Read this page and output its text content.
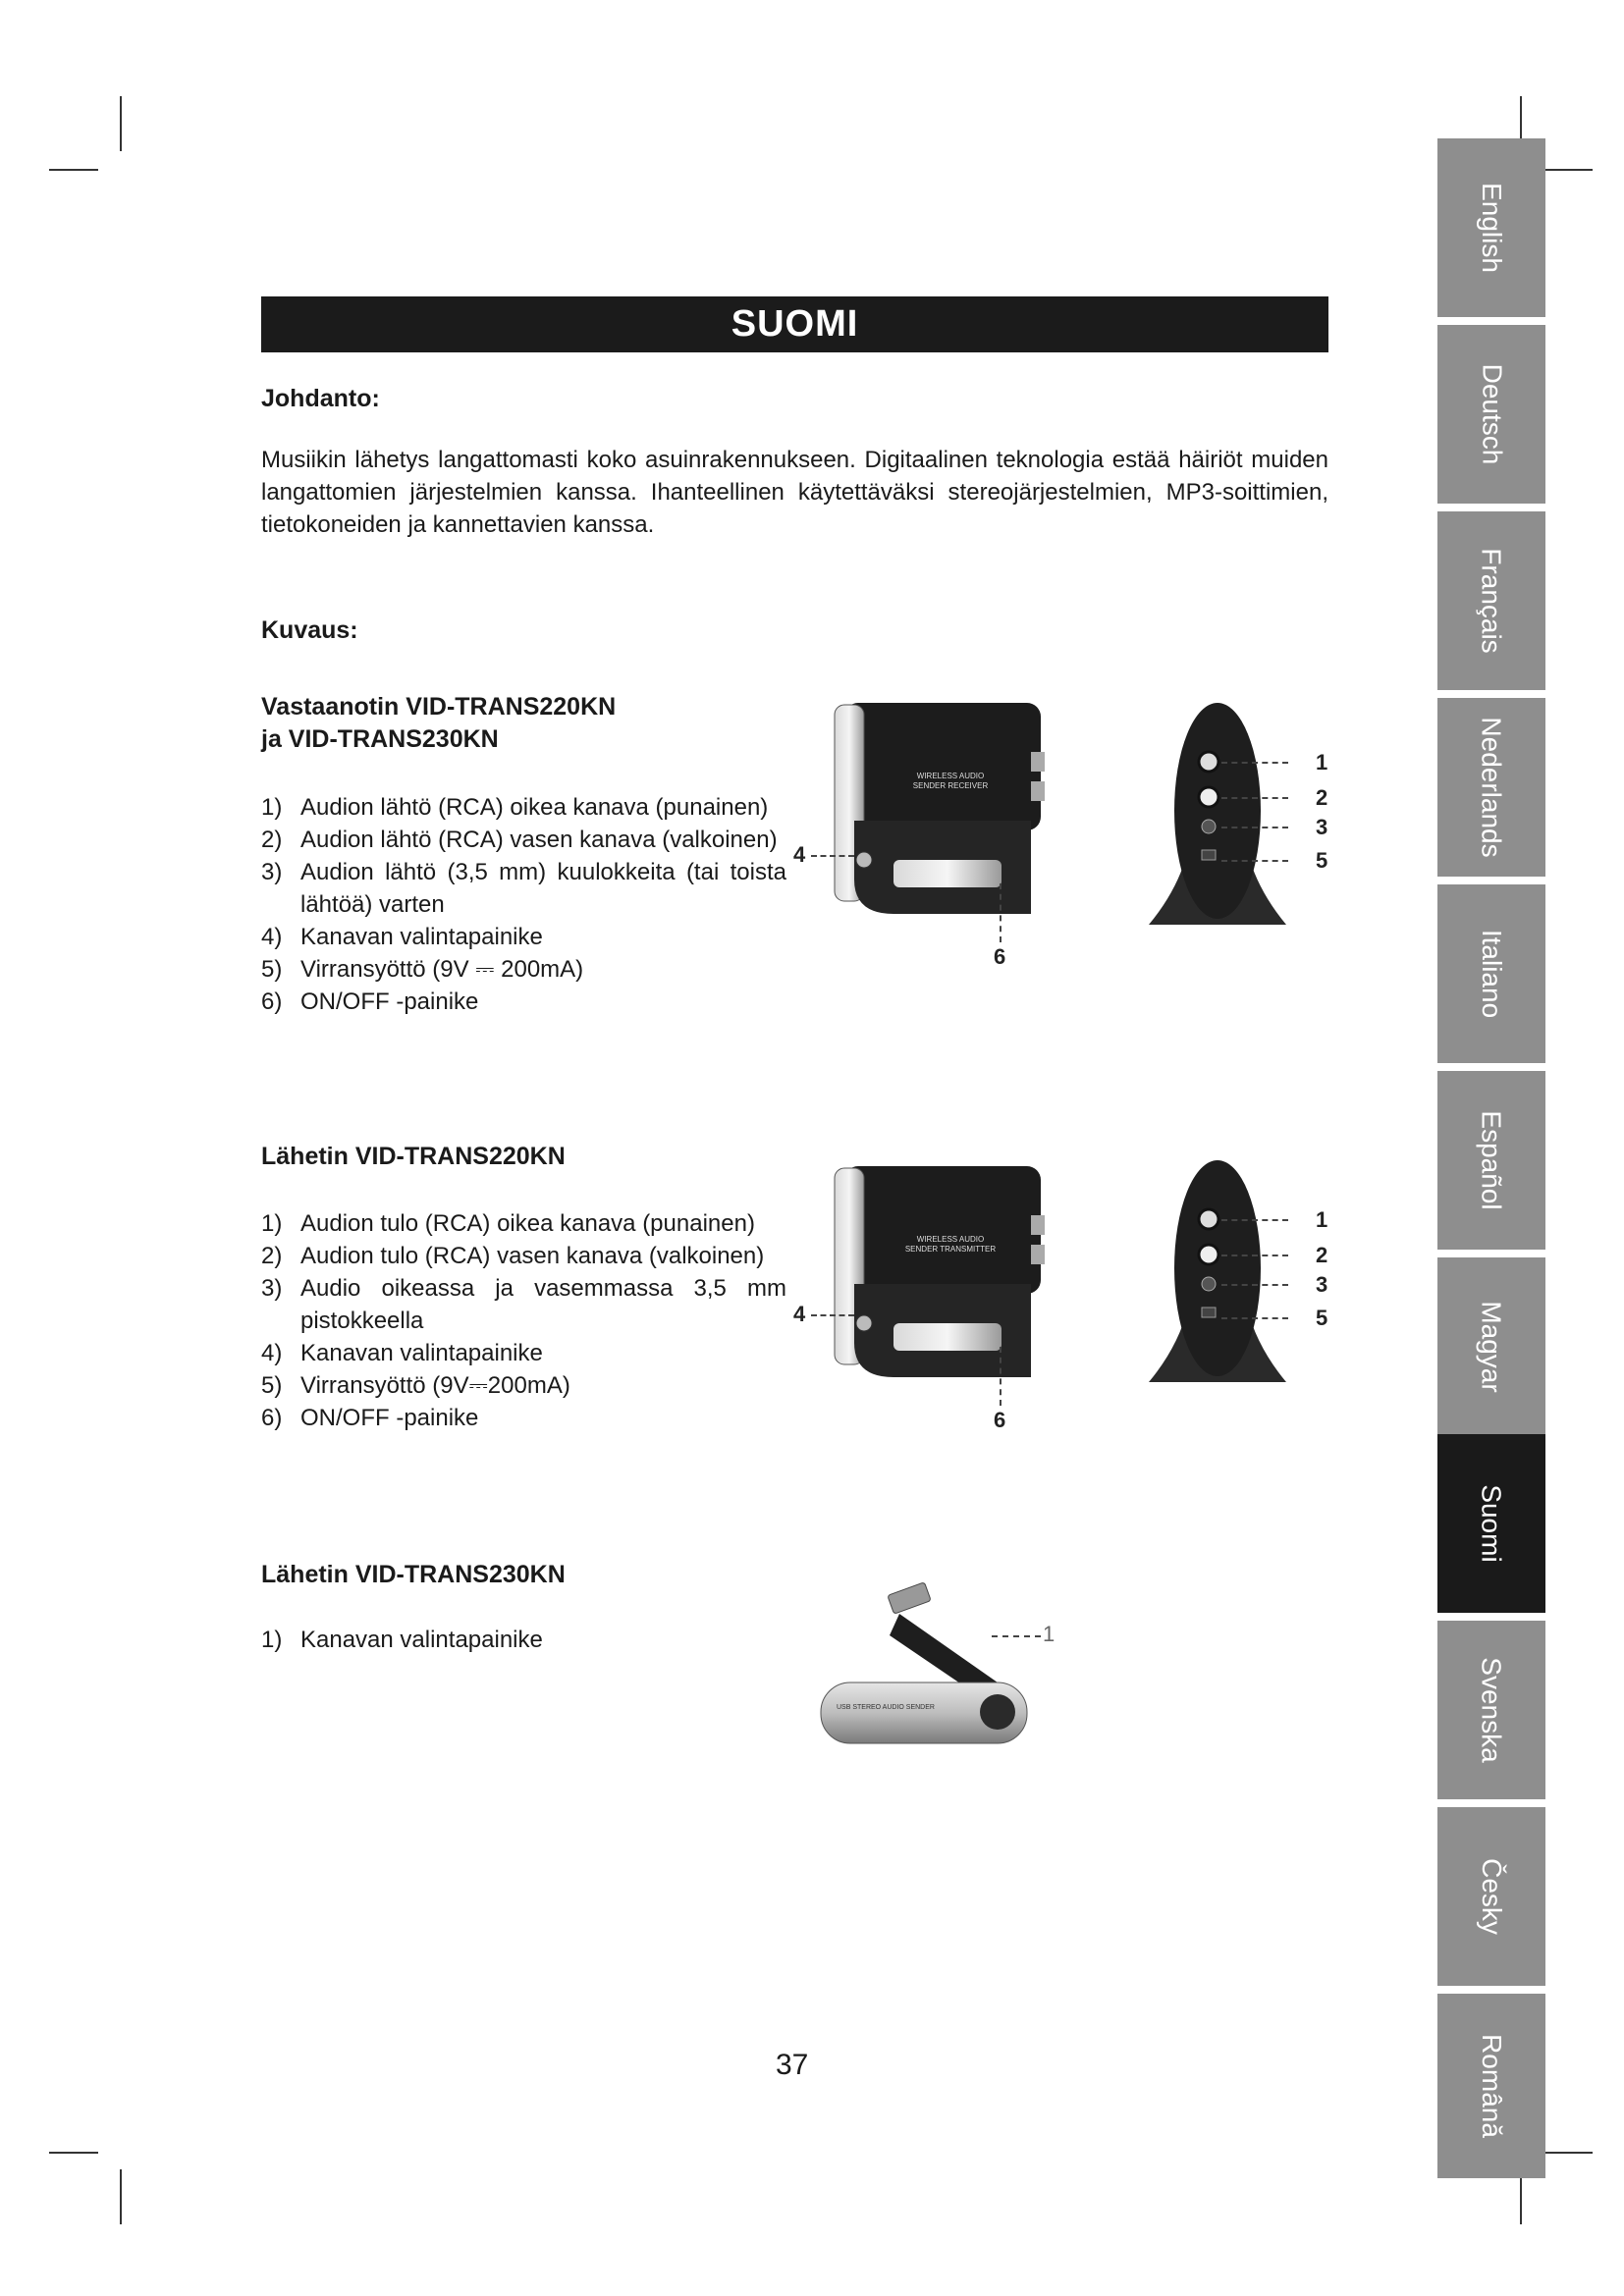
SUOMI
Johdanto:
Musiikin lähetys langattomasti koko asuinrakennukseen. Digitaalinen teknologia estää häiriöt muiden langattomien järjestelmien kanssa. Ihanteellinen käytettäväksi stereojärjestelmien, MP3-soittimien, tietokoneiden ja kannettavien kanssa.
Kuvaus:
Vastaanotin VID-TRANS220KN
ja VID-TRANS230KN
1) Audion lähtö (RCA) oikea kanava (punainen)
2) Audion lähtö (RCA) vasen kanava (valkoinen)
3) Audion lähtö (3,5 mm) kuulokkeita (tai toista lähtöä) varten
4) Kanavan valintapainike
5) Virransyöttö (9V ⎓ 200mA)
6) ON/OFF -painike
WIRELESS AUDIO SENDER RECEIVER
4
6
1
2
3
5
Lähetin VID-TRANS220KN
1) Audion tulo (RCA) oikea kanava (punainen)
2) Audion tulo (RCA) vasen kanava (valkoinen)
3) Audio oikeassa ja vasemmassa 3,5 mm pistokkeella
4) Kanavan valintapainike
5) Virransyöttö (9V⎓200mA)
6) ON/OFF -painike
WIRELESS AUDIO SENDER TRANSMITTER
4
6
1
2
3
5
Lähetin VID-TRANS230KN
1) Kanavan valintapainike
USB STEREO AUDIO SENDER
1
37
English
Deutsch
Français
Nederlands
Italiano
Español
Magyar
Suomi
Svenska
Česky
Română
